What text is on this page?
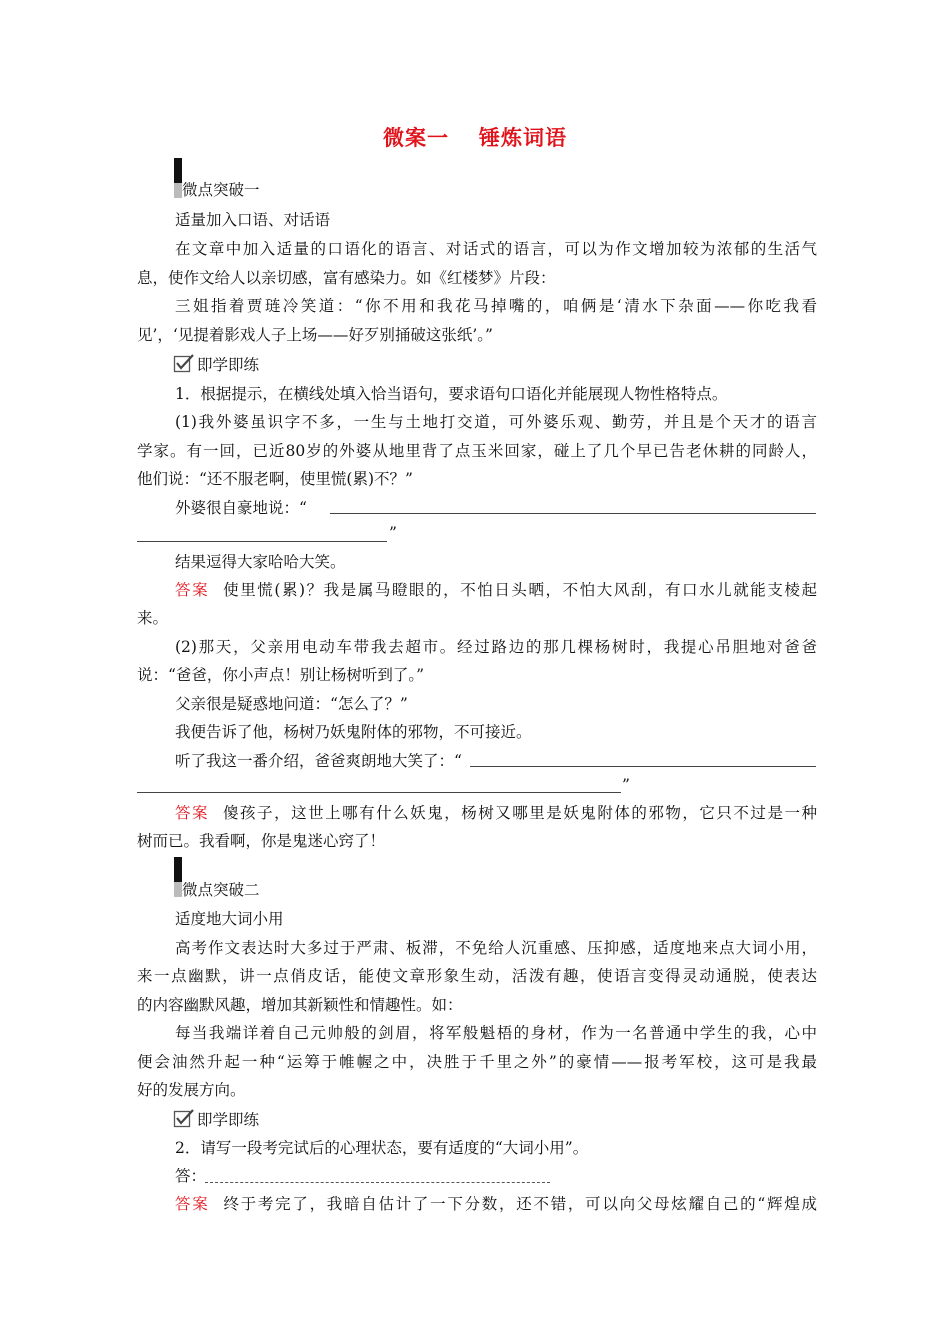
微案一 锤炼词语
微点突破一
适量加入口语、对话语
在文章中加入适量的口语化的语言、对话式的语言，可以为作文增加较为浓郁的生活气
息，使作文给人以亲切感，富有感染力。如《红楼梦》片段：
三姐指着贾琏冷笑道：“你不用和我花马掉嘴的，咱俩是‘清水下杂面——你吃我看
见’，‘见提着影戏人子上场——好歹别捅破这张纸’。”
即学即练
1．根据提示，在横线处填入恰当语句，要求语句口语化并能展现人物性格特点。
(1)我外婆虽识字不多，一生与土地打交道，可外婆乐观、勤劳，并且是个天才的语言
学家。有一回，已近80岁的外婆从地里背了点玉米回家，碰上了几个早已告老休耕的同龄人，
他们说：“还不服老啊，使里慌(累)不？”
外婆很自豪地说：“
”
结果逗得大家哈哈大笑。
答案 使里慌(累)？我是属马瞪眼的，不怕日头晒，不怕大风刮，有口水儿就能支棱起
来。
(2)那天，父亲用电动车带我去超市。经过路边的那几棵杨树时，我提心吊胆地对爸爸
说：“爸爸，你小声点！别让杨树听到了。”
父亲很是疑惑地问道：“怎么了？”
我便告诉了他，杨树乃妖鬼附体的邪物，不可接近。
听了我这一番介绍，爸爸爽朗地大笑了：“
”
答案 傻孩子，这世上哪有什么妖鬼，杨树又哪里是妖鬼附体的邪物，它只不过是一种
树而已。我看啊，你是鬼迷心窍了！
微点突破二
适度地大词小用
高考作文表达时大多过于严肃、板滞，不免给人沉重感、压抑感，适度地来点大词小用，
来一点幽默，讲一点俏皮话，能使文章形象生动，活泼有趣，使语言变得灵动通脱，使表达
的内容幽默风趣，增加其新颖性和情趣性。如：
每当我端详着自己元帅般的剑眉，将军般魁梧的身材，作为一名普通中学生的我，心中
便会油然升起一种“运筹于帷幄之中，决胜于千里之外”的豪情——报考军校，这可是我最
好的发展方向。
即学即练
2．请写一段考完试后的心理状态，要有适度的“大词小用”。
答：
答案 终于考完了，我暗自估计了一下分数，还不错，可以向父母炫耀自己的“辉煌成
